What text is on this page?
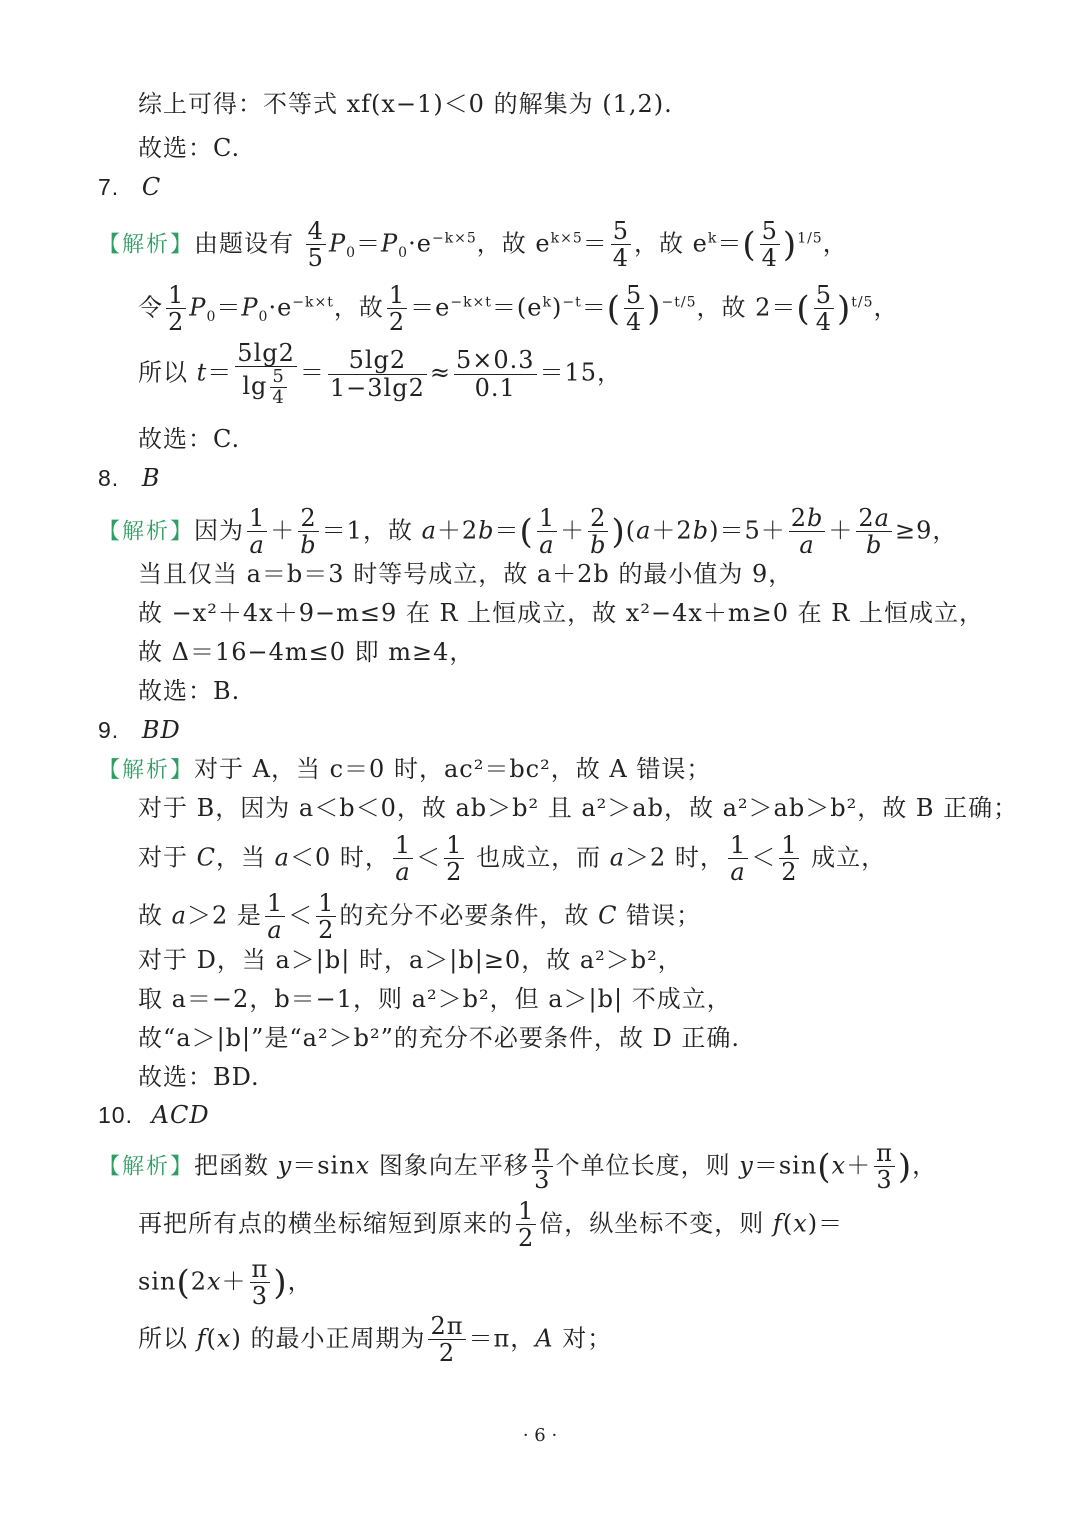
综上可得：不等式 xf(x−1)＜0 的解集为 (1,2).
故选：C.
7. C
【解析】由题设有 $\frac{4}{5} P_0=P_0\cdot e^{-k\times 5}$，故 $e^{k\times 5}= \frac{5}{4}$ ，故 $e^k=( \frac{5}{4} )^{1/5}$，
令 $\frac{1}{2} P_0=P_0\cdot e^{-k\times t}$，故 $\frac{1}{2} =e^{-k\times t}=(e^k)^{-t}=( \frac{5}{4} )^{-t/5}$，故 $2=( \frac{5}{4} )^{t/5}$，
所以 $t= \frac{5\lg 2}{\lg \frac{5}{4}} = \frac{5\lg 2}{1-3\lg 2} \approx \frac{5\times 0.3}{0.1} =15$，
故选：C.
8. B
【解析】因为 $\frac{1}{a} + \frac{2}{b} =1$，故 $a+2b=( \frac{1}{a} + \frac{2}{b} )(a+2b)=5+ \frac{2b}{a} + \frac{2a}{b} \ge 9$，
当且仅当 a＝b＝3 时等号成立，故 a＋2b 的最小值为 9，
故 −x²＋4x＋9−m≤9 在 R 上恒成立，故 x²−4x＋m≥0 在 R 上恒成立，
故 Δ＝16−4m≤0 即 m≥4，
故选：B.
9. BD
【解析】对于 A，当 c＝0 时，ac²＝bc²，故 A 错误；
对于 B，因为 a＜b＜0，故 ab＞b² 且 a²＞ab，故 a²＞ab＞b²，故 B 正确；
对于 C，当 a＜0 时， $\frac{1}{a} < \frac{1}{2}$ 也成立，而 a＞2 时， $\frac{1}{a} < \frac{1}{2}$ 成立，
故 a＞2 是 $\frac{1}{a} < \frac{1}{2}$ 的充分不必要条件，故 C 错误；
对于 D，当 a＞|b| 时，a＞|b|≥0，故 a²＞b²，
取 a＝−2，b＝−1，则 a²＞b²，但 a＞|b| 不成立，
故“a＞|b|”是“a²＞b²”的充分不必要条件，故 D 正确.
故选：BD.
10. ACD
【解析】把函数 y＝sinx 图象向左平移 $\frac{\pi}{3}$ 个单位长度，则 $y=\sin(x+ \frac{\pi}{3}$ )，
再把所有点的横坐标缩短到原来的 $\frac{1}{2}$ 倍，纵坐标不变，则 f(x)＝
$\sin(2x+ \frac{\pi}{3}$ )，
所以 f(x) 的最小正周期为 $\frac{2\pi}{2} =\pi$，A 对；
· 6 ·
